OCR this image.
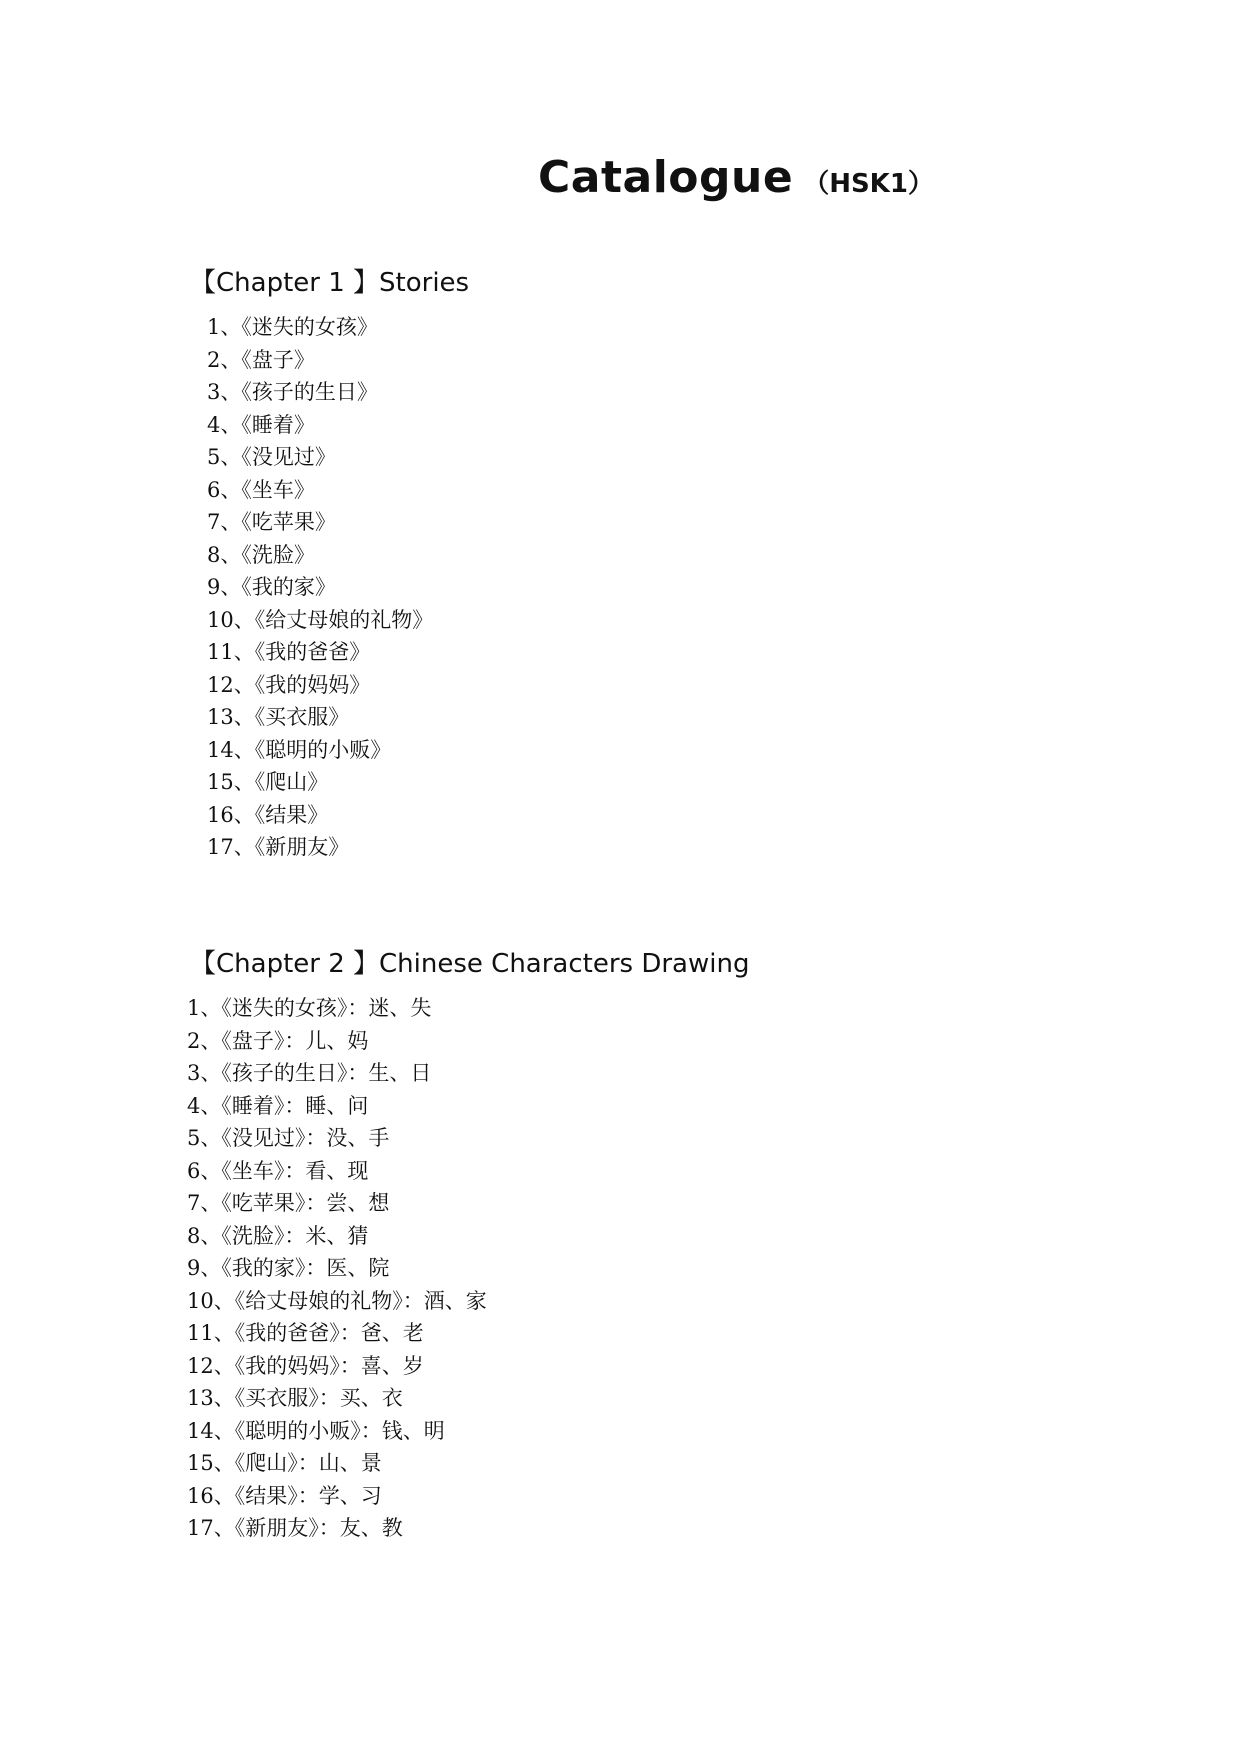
Catalogue （HSK1）
【Chapter 1 】Stories
1、《迷失的女孩》
2、《盘子》
3、《孩子的生日》
4、《睡着》
5、《没见过》
6、《坐车》
7、《吃苹果》
8、《洗脸》
9、《我的家》
10、《给丈母娘的礼物》
11、《我的爸爸》
12、《我的妈妈》
13、《买衣服》
14、《聪明的小贩》
15、《爬山》
16、《结果》
17、《新朋友》
【Chapter 2 】Chinese Characters Drawing
1、《迷失的女孩》：迷、失
2、《盘子》：儿、妈
3、《孩子的生日》：生、日
4、《睡着》：睡、问
5、《没见过》：没、手
6、《坐车》：看、现
7、《吃苹果》：尝、想
8、《洗脸》：米、猜
9、《我的家》：医、院
10、《给丈母娘的礼物》：酒、家
11、《我的爸爸》：爸、老
12、《我的妈妈》：喜、岁
13、《买衣服》：买、衣
14、《聪明的小贩》：钱、明
15、《爬山》：山、景
16、《结果》：学、习
17、《新朋友》：友、教
